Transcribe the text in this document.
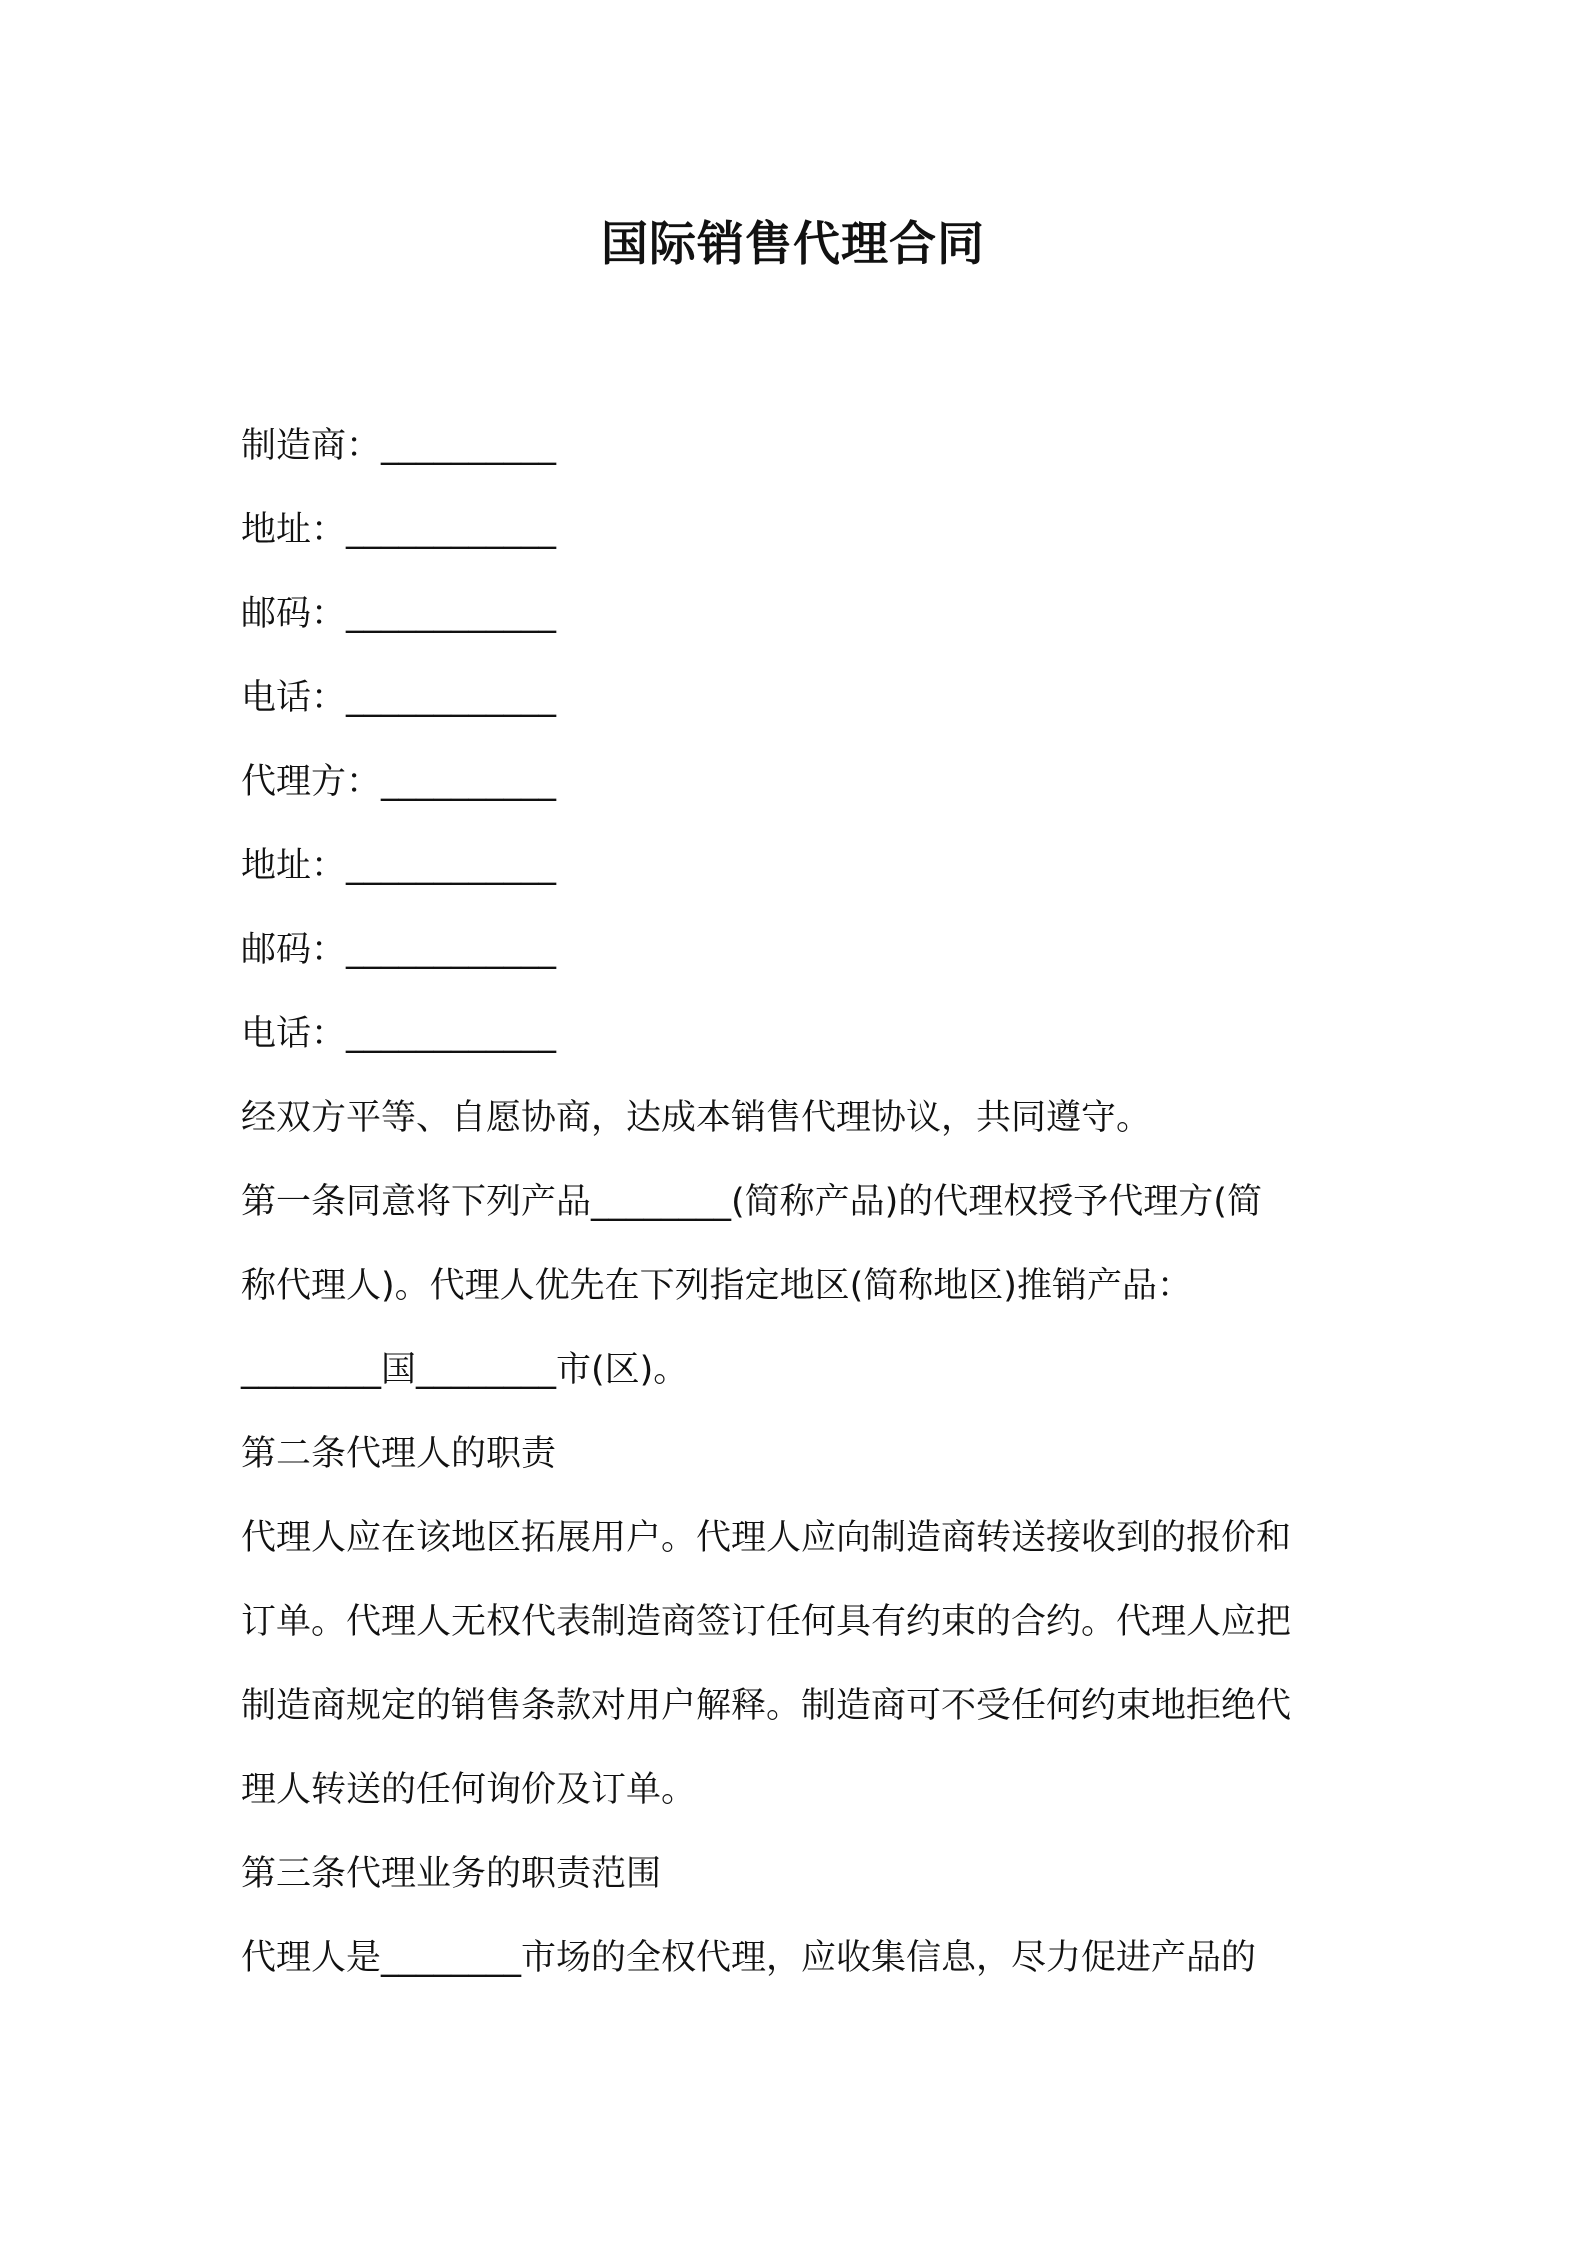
国际销售代理合同
制造商：__________
地址：____________
邮码：____________
电话：____________
代理方：__________
地址：____________
邮码：____________
电话：____________
经双方平等、自愿协商，达成本销售代理协议，共同遵守。
第一条同意将下列产品________(简称产品)的代理权授予代理方(简
称代理人)。代理人优先在下列指定地区(简称地区)推销产品：
________国________市(区)。
第二条代理人的职责
代理人应在该地区拓展用户。代理人应向制造商转送接收到的报价和
订单。代理人无权代表制造商签订任何具有约束的合约。代理人应把
制造商规定的销售条款对用户解释。制造商可不受任何约束地拒绝代
理人转送的任何询价及订单。
第三条代理业务的职责范围
代理人是________市场的全权代理，应收集信息，尽力促进产品的
